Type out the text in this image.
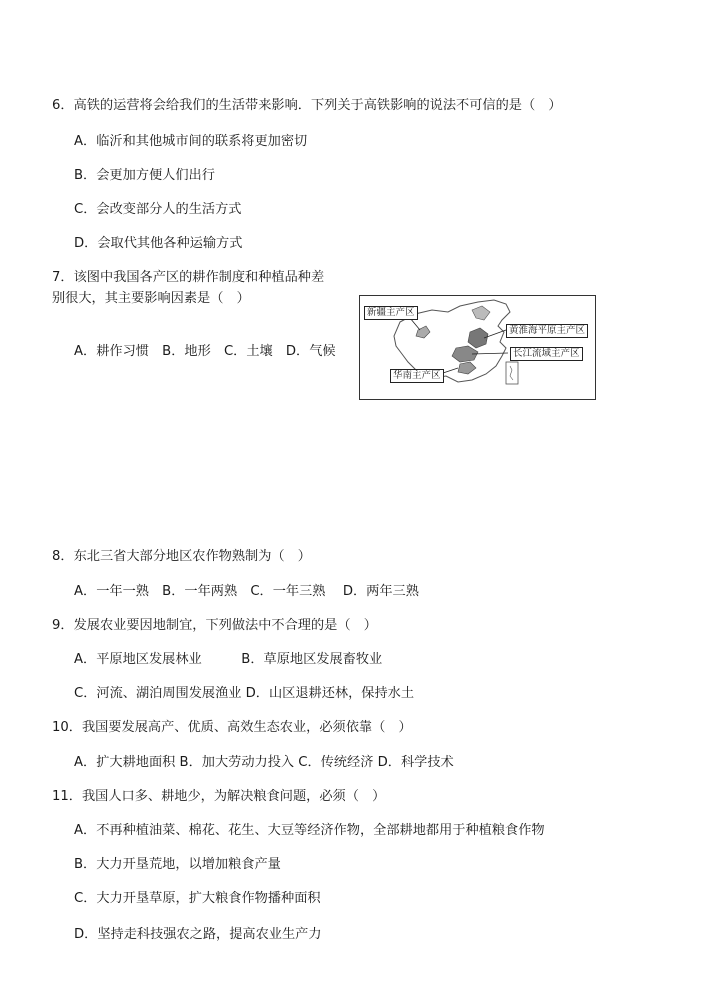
6．高铁的运营将会给我们的生活带来影响．下列关于高铁影响的说法不可信的是（　）
A．临沂和其他城市间的联系将更加密切
B．会更加方便人们出行
C．会改变部分人的生活方式
D．会取代其他各种运输方式
7．该图中我国各产区的耕作制度和种植品种差
别很大，其主要影响因素是（　）
A．耕作习惯　B．地形　C．土壤　D．气候
新疆主产区
黄淮海平原主产区
长江流域主产区
华南主产区
8．东北三省大部分地区农作物熟制为（　）
A．一年一熟　B．一年两熟　C．一年三熟　 D．两年三熟
9．发展农业要因地制宜，下列做法中不合理的是（　）
A．平原地区发展林业　　　B．草原地区发展畜牧业
C．河流、湖泊周围发展渔业 D．山区退耕还林，保持水土
10．我国要发展高产、优质、高效生态农业，必须依靠（　）
A．扩大耕地面积 B．加大劳动力投入 C．传统经济 D．科学技术
11．我国人口多、耕地少，为解决粮食问题，必须（　）
A．不再种植油菜、棉花、花生、大豆等经济作物，全部耕地都用于种植粮食作物
B．大力开垦荒地，以增加粮食产量
C．大力开垦草原，扩大粮食作物播种面积
D．坚持走科技强农之路，提高农业生产力
